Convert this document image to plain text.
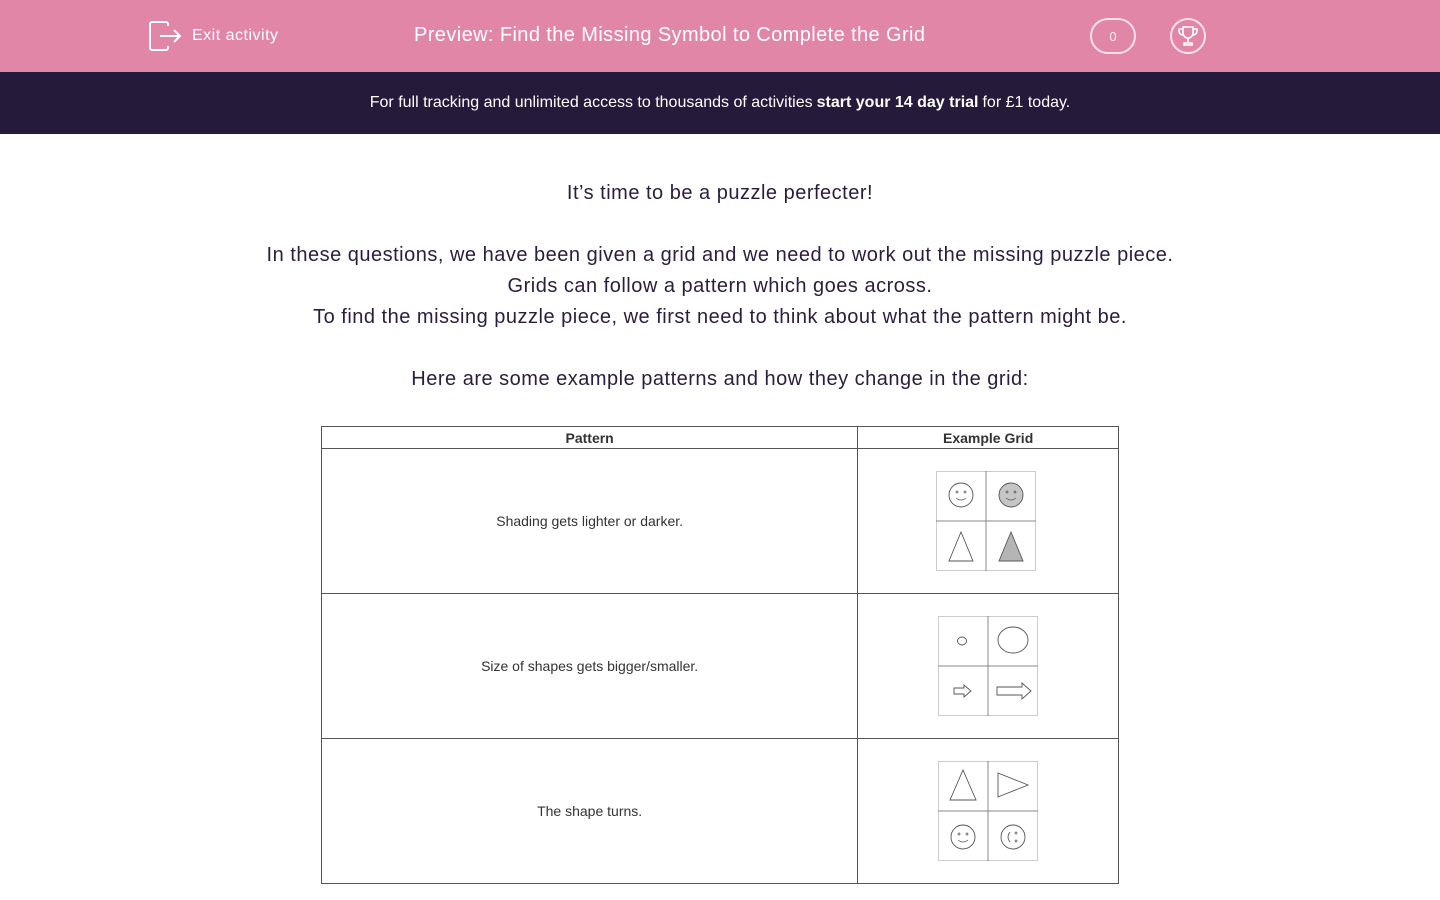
Exit activity	Preview: Find the Missing Symbol to Complete the Grid	0
For full tracking and unlimited access to thousands of activities start your 14 day trial for £1 today.

It’s time to be a puzzle perfecter!

In these questions, we have been given a grid and we need to work out the missing puzzle piece.

Grids can follow a pattern which goes across.

To find the missing puzzle piece, we first need to think about what the pattern might be.

Here are some example patterns and how they change in the grid:

Pattern	Example Grid
Shading gets lighter or darker.	

Size of shapes gets bigger/smaller.	

The shape turns.	
